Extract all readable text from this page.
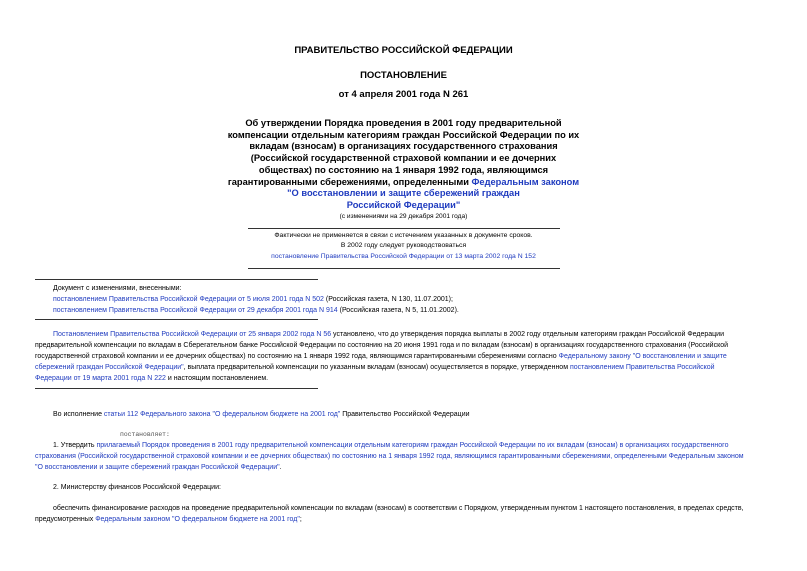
ПРАВИТЕЛЬСТВО РОССИЙСКОЙ ФЕДЕРАЦИИ
ПОСТАНОВЛЕНИЕ
от 4 апреля 2001 года N 261
Об утверждении Порядка проведения в 2001 году предварительной
компенсации отдельным категориям граждан Российской Федерации по их
вкладам (взносам) в организациях государственного страхования
(Российской государственной страховой компании и ее дочерних
обществах) по состоянию на 1 января 1992 года, являющимся
гарантированными сбережениями, определенными Федеральным законом
"О восстановлении и защите сбережений граждан
Российской Федерации"
(с изменениями на 29 декабря 2001 года)
Фактически не применяется в связи с истечением указанных в документе сроков.
В 2002 году следует руководствоваться
постановление Правительства Российской Федерации от 13 марта 2002 года N 152
Документ с изменениями, внесенными:
постановлением Правительства Российской Федерации от 5 июля 2001 года N 502 (Российская газета, N 130, 11.07.2001);
постановлением Правительства Российской Федерации от 29 декабря 2001 года N 914 (Российская газета, N 5, 11.01.2002).
Постановлением Правительства Российской Федерации от 25 января 2002 года N 56 установлено, что до утверждения порядка выплаты в 2002 году отдельным категориям граждан Российской Федерации
предварительной компенсации по вкладам в Сберегательном банке Российской Федерации по состоянию на 20 июня 1991 года и по вкладам (взносам) в организациях государственного страхования (Российской
государственной страховой компании и ее дочерних обществах) по состоянию на 1 января 1992 года, являющимся гарантированными сбережениями согласно Федеральному закону "О восстановлении и защите
сбережений граждан Российской Федерации", выплата предварительной компенсации по указанным вкладам (взносам) осуществляется в порядке, утвержденном постановлением Правительства Российской
Федерации от 19 марта 2001 года N 222 и настоящим постановлением.
Во исполнение статьи 112 Федерального закона "О федеральном бюджете на 2001 год" Правительство Российской Федерации
постановляет:
1. Утвердить прилагаемый Порядок проведения в 2001 году предварительной компенсации отдельным категориям граждан Российской Федерации по их вкладам (взносам) в организациях государственного
страхования (Российской государственной страховой компании и ее дочерних обществах) по состоянию на 1 января 1992 года, являющимся гарантированными сбережениями, определенными Федеральным законом
"О восстановлении и защите сбережений граждан Российской Федерации".
2. Министерству финансов Российской Федерации:
обеспечить финансирование расходов на проведение предварительной компенсации по вкладам (взносам) в соответствии с Порядком, утвержденным пунктом 1 настоящего постановления, в пределах средств,
предусмотренных Федеральным законом "О федеральном бюджете на 2001 год";
